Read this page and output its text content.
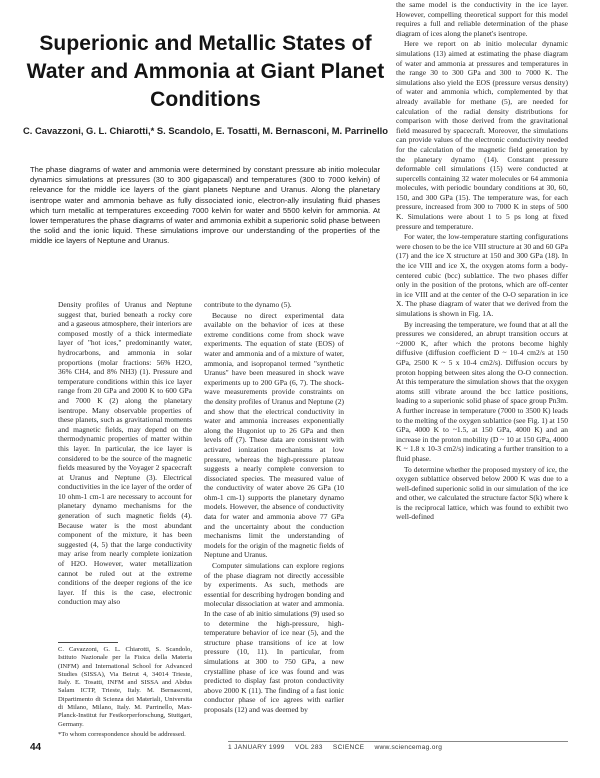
Superionic and Metallic States of Water and Ammonia at Giant Planet Conditions

C. Cavazzoni, G. L. Chiarotti,* S. Scandolo, E. Tosatti, M. Bernasconi, M. Parrinello

The phase diagrams of water and ammonia were determined by constant pressure ab initio molecular dynamics simulations at pressures (30 to 300 gigapascal) and temperatures (300 to 7000 kelvin) of relevance for the middle ice layers of the giant planets Neptune and Uranus. Along the planetary isentrope water and ammonia behave as fully dissociated ionic, electron-ally insulating fluid phases which turn metallic at temperatures exceeding 7000 kelvin for water and 5500 kelvin for ammonia. At lower temperatures the phase diagrams of water and ammonia exhibit a superionic solid phase between the solid and the ionic liquid. These simulations improve our understanding of the properties of the middle ice layers of Neptune and Uranus.

Density profiles of Uranus and Neptune suggest that, buried beneath a rocky core and a gaseous atmosphere, their interiors are composed mostly of a thick intermediate layer of "hot ices," predominantly water, hydrocarbons, and ammonia in solar proportions (molar fractions: 56% H2O, 36% CH4, and 8% NH3) (1). Pressure and temperature conditions within this ice layer range from 20 GPa and 2000 K to 600 GPa and 7000 K (2) along the planetary isentrope. Many observable properties of these planets, such as gravitational moments and magnetic fields, may depend on the thermodynamic properties of matter within this layer. In particular, the ice layer is considered to be the source of the magnetic fields measured by the Voyager 2 spacecraft at Uranus and Neptune (3). Electrical conductivities in the ice layer of the order of 10 ohm-1 cm-1 are necessary to account for planetary dynamo mechanisms for the generation of such magnetic fields (4). Because water is the most abundant component of the mixture, it has been suggested (4, 5) that the large conductivity may arise from nearly complete ionization of H2O. However, water metallization cannot be ruled out at the extreme conditions of the deeper regions of the ice layer. If this is the case, electronic conduction may also

C. Cavazzoni, G. L. Chiarotti, S. Scandolo, Istituto Nazionale per la Fisica della Materia (INFM) and International School for Advanced Studies (SISSA), Via Beirut 4, 34014 Trieste, Italy. E. Tosatti, INFM and SISSA and Abdus Salam ICTP, Trieste, Italy. M. Bernasconi, Dipartimento di Scienza dei Materiali, Universita di Milano, Milano, Italy. M. Parrinello, Max-Planck-Institut fur Festkorperforschung, Stuttgart, Germany.

*To whom correspondence should be addressed.

contribute to the dynamo (5).

Because no direct experimental data available on the behavior of ices at these extreme conditions come from shock wave experiments. The equation of state (EOS) of water and ammonia and of a mixture of water, ammonia, and isopropanol termed "synthetic Uranus" have been measured in shock wave experiments up to 200 GPa (6, 7). The shock-wave measurements provide constraints on the density profiles of Uranus and Neptune (2) and show that the electrical conductivity in water and ammonia increases exponentially along the Hugoniot up to 26 GPa and then levels off (7). These data are consistent with activated ionization mechanisms at low pressure, whereas the high-pressure plateau suggests a nearly complete conversion to dissociated species. The measured value of the conductivity of water above 26 GPa (10 ohm-1 cm-1) supports the planetary dynamo models. However, the absence of conductivity data for water and ammonia above 77 GPa and the uncertainty about the conduction mechanisms limit the understanding of models for the origin of the magnetic fields of Neptune and Uranus.

Computer simulations can explore regions of the phase diagram not directly accessible by experiments. As such, methods are essential for describing hydrogen bonding and molecular dissociation at water and ammonia. In the case of ab initio simulations (9) used so to determine the high-pressure, high-temperature behavior of ice near (5), and the structure phase transitions of ice at low pressure (10, 11). In particular, from simulations at 300 to 750 GPa, a new crystalline phase of ice was found and was predicted to display fast proton conductivity above 2000 K (11). The finding of a fast ionic conductor phase of ice agrees with earlier proposals (12) and was deemed by

the same model is the conductivity in the ice layer. However, compelling theoretical support for this model requires a full and reliable determination of the phase diagram of ices along the planet's isentrope.

Here we report on ab initio molecular dynamic simulations (13) aimed at estimating the phase diagram of water and ammonia at pressures and temperatures in the range 30 to 300 GPa and 300 to 7000 K. The simulations also yield the EOS (pressure versus density) of water and ammonia which, complemented by that already available for methane (5), are needed for calculation of the radial density distributions for comparison with those derived from the gravitational field measured by spacecraft. Moreover, the simulations can provide values of the electronic conductivity needed for the calculation of the magnetic field generation by the planetary dynamo (14). Constant pressure deformable cell simulations (15) were conducted at supercells containing 32 water molecules or 64 ammonia molecules, with periodic boundary conditions at 30, 60, 150, and 300 GPa (15). The temperature was, for each pressure, increased from 300 to 7000 K in steps of 500 K. Simulations were about 1 to 5 ps long at fixed pressure and temperature.

For water, the low-temperature starting configurations were chosen to be the ice VIII structure at 30 and 60 GPa (17) and the ice X structure at 150 and 300 GPa (18). In the ice VIII and ice X, the oxygen atoms form a body-centered cubic (bcc) sublattice. The two phases differ only in the position of the protons, which are off-center in ice VIII and at the center of the O-O separation in ice X. The phase diagram of water that we derived from the simulations is shown in Fig. 1A.

By increasing the temperature, we found that at all the pressures we considered, an abrupt transition occurs at ~2000 K, after which the protons become highly diffusive (diffusion coefficient D ~ 10-4 cm2/s at 150 GPa, 2500 K ~ 5 x 10-4 cm2/s). Diffusion occurs by proton hopping between sites along the O-O connection. At this temperature the simulation shows that the oxygen atoms still vibrate around the bcc lattice positions, leading to a superionic solid phase of space group Pn3m. A further increase in temperature (7000 to 3500 K) leads to the melting of the oxygen sublattice (see Fig. 1) at 150 GPa, 4000 K to ~1.5, at 150 GPa, 4000 K) and an increase in the proton mobility (D ~ 10 at 150 GPa, 4000 K ~ 1.8 x 10-3 cm2/s) indicating a further transition to a fluid phase.

To determine whether the proposed mystery of ice, the oxygen sublattice observed below 2000 K was due to a well-defined superionic solid in our simulation of the ice and other, we calculated the structure factor S(k) where k is the reciprocal lattice, which was found to exhibit two well-defined

44	1 JANUARY 1999 VOL 283 SCIENCE www.sciencemag.org
